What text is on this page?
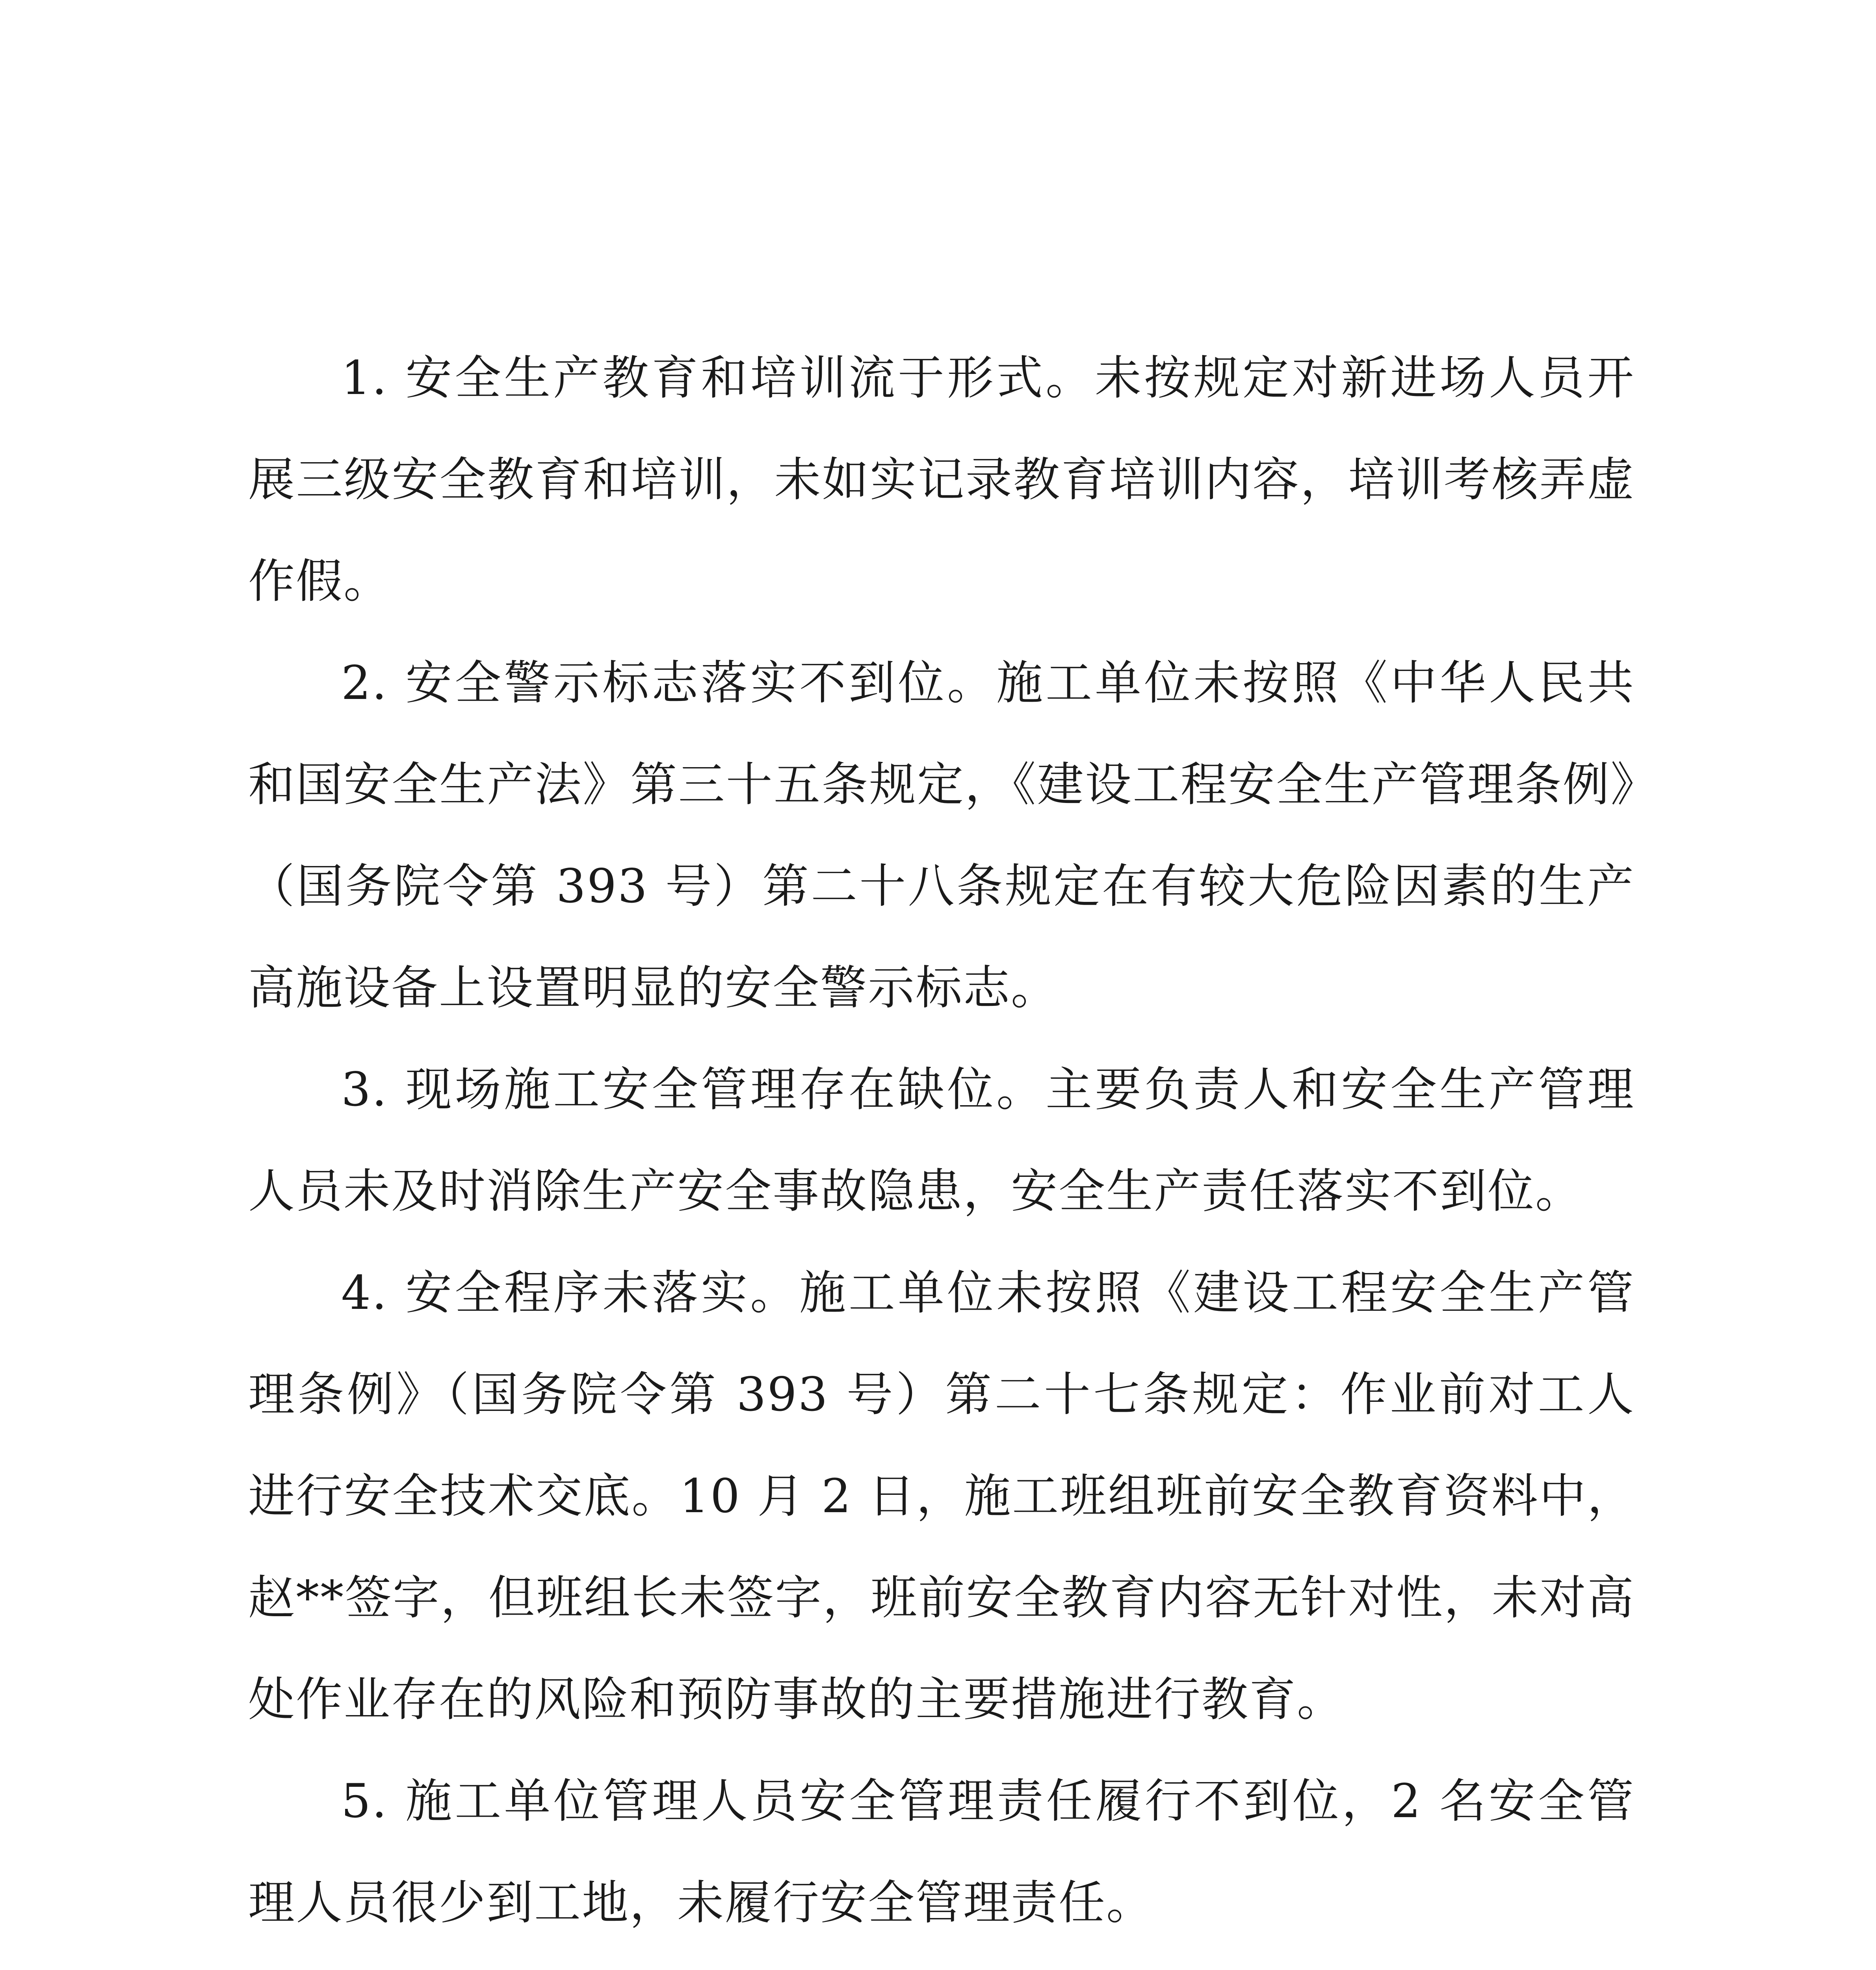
1. 安全生产教育和培训流于形式。未按规定对新进场人员开展三级安全教育和培训，未如实记录教育培训内容，培训考核弄虚作假。

2. 安全警示标志落实不到位。施工单位未按照《中华人民共和国安全生产法》第三十五条规定，《建设工程安全生产管理条例》（国务院令第 393 号）第二十八条规定在有较大危险因素的生产高施设备上设置明显的安全警示标志。

3. 现场施工安全管理存在缺位。主要负责人和安全生产管理人员未及时消除生产安全事故隐患，安全生产责任落实不到位。

4. 安全程序未落实。施工单位未按照《建设工程安全生产管理条例》（国务院令第 393 号）第二十七条规定：作业前对工人进行安全技术交底。10 月 2 日，施工班组班前安全教育资料中，赵**签字，但班组长未签字，班前安全教育内容无针对性，未对高处作业存在的风险和预防事故的主要措施进行教育。

5. 施工单位管理人员安全管理责任履行不到位，2 名安全管理人员很少到工地，未履行安全管理责任。
